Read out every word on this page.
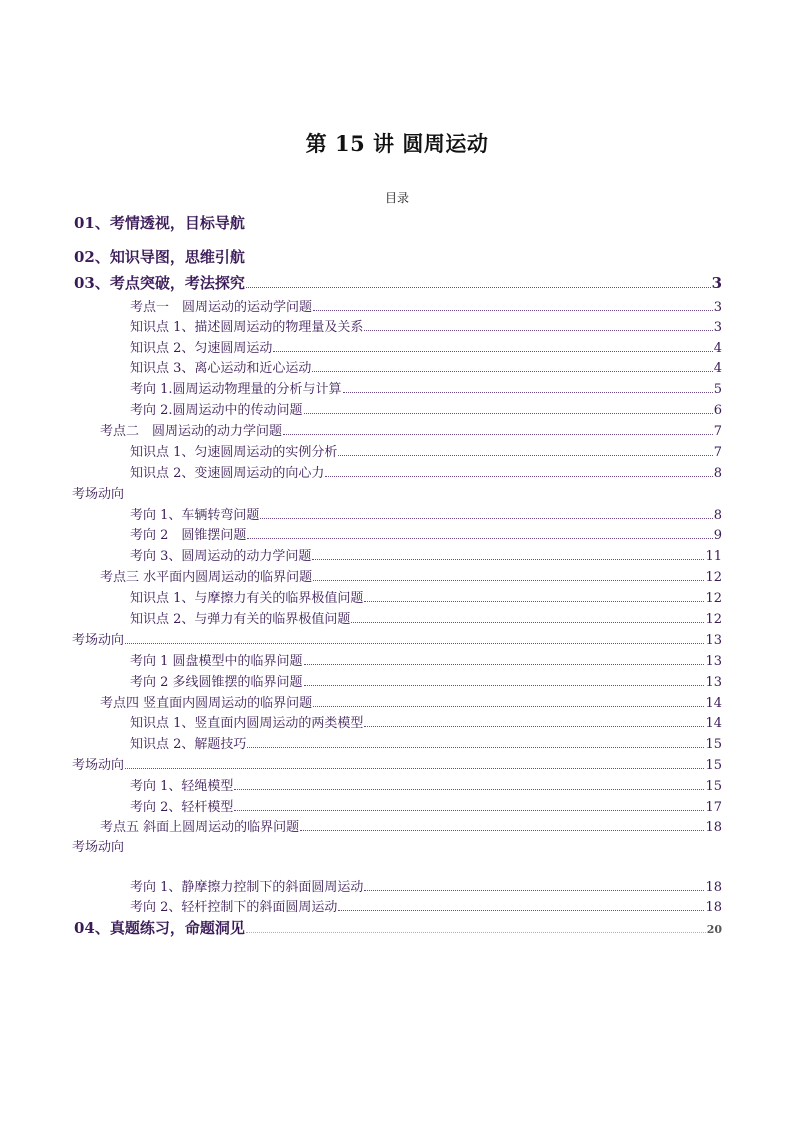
第 15 讲 圆周运动
目录
01、考情透视，目标导航
02、知识导图，思维引航
03、考点突破，考法探究	3
考点一　圆周运动的运动学问题	3
知识点 1、描述圆周运动的物理量及关系	3
知识点 2、匀速圆周运动	4
知识点 3、离心运动和近心运动	4
考向 1.圆周运动物理量的分析与计算	5
考向 2.圆周运动中的传动问题	6
考点二　圆周运动的动力学问题	7
知识点 1、匀速圆周运动的实例分析	7
知识点 2、变速圆周运动的向心力	8
考场动向
考向 1、车辆转弯问题	8
考向 2　圆锥摆问题	9
考向 3、圆周运动的动力学问题	11
考点三 水平面内圆周运动的临界问题	12
知识点 1、与摩擦力有关的临界极值问题	12
知识点 2、与弹力有关的临界极值问题	12
考场动向	13
考向 1 圆盘模型中的临界问题	13
考向 2 多线圆锥摆的临界问题	13
考点四 竖直面内圆周运动的临界问题	14
知识点 1、竖直面内圆周运动的两类模型	14
知识点 2、解题技巧	15
考场动向	15
考向 1、轻绳模型	15
考向 2、轻杆模型	17
考点五 斜面上圆周运动的临界问题	18
考场动向
考向 1、静摩擦力控制下的斜面圆周运动	18
考向 2、轻杆控制下的斜面圆周运动	18
04、真题练习，命题洞见	20
